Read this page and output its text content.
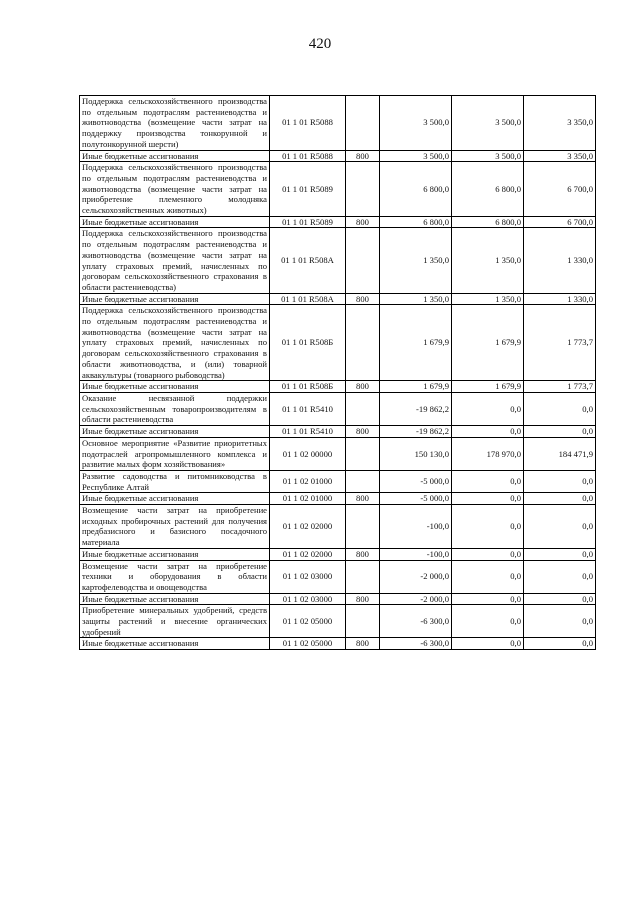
420
Поддержка сельскохозяйственного производства по отдельным подотраслям растениеводства и животноводства (возмещение части затрат на поддержку производства тонкорунной и полутонкорунной шерсти)	01 1 01 R5088		3 500,0	3 500,0	3 350,0
Иные бюджетные ассигнования	01 1 01 R5088	800	3 500,0	3 500,0	3 350,0
Поддержка сельскохозяйственного производства по отдельным подотраслям растениеводства и животноводства (возмещение части затрат на приобретение племенного молодняка сельскохозяйственных животных)	01 1 01 R5089		6 800,0	6 800,0	6 700,0
Иные бюджетные ассигнования	01 1 01 R5089	800	6 800,0	6 800,0	6 700,0
Поддержка сельскохозяйственного производства по отдельным подотраслям растениеводства и животноводства (возмещение части затрат на уплату страховых премий, начисленных по договорам сельскохозяйственного страхования в области растениеводства)	01 1 01 R508А		1 350,0	1 350,0	1 330,0
Иные бюджетные ассигнования	01 1 01 R508А	800	1 350,0	1 350,0	1 330,0
Поддержка сельскохозяйственного производства по отдельным подотраслям растениеводства и животноводства (возмещение части затрат на уплату страховых премий, начисленных по договорам сельскохозяйственного страхования в области животноводства, и (или) товарной аквакультуры (товарного рыбоводства)	01 1 01 R508Б		1 679,9	1 679,9	1 773,7
Иные бюджетные ассигнования	01 1 01 R508Б	800	1 679,9	1 679,9	1 773,7
Оказание несвязанной поддержки сельскохозяйственным товаропроизводителям в области растениеводства	01 1 01 R5410		-19 862,2	0,0	0,0
Иные бюджетные ассигнования	01 1 01 R5410	800	-19 862,2	0,0	0,0
Основное мероприятие «Развитие приоритетных подотраслей агропромышленного комплекса и развитие малых форм хозяйствования»	01 1 02 00000		150 130,0	178 970,0	184 471,9
Развитие садоводства и питомниководства в Республике Алтай	01 1 02 01000		-5 000,0	0,0	0,0
Иные бюджетные ассигнования	01 1 02 01000	800	-5 000,0	0,0	0,0
Возмещение части затрат на приобретение исходных пробирочных растений для получения предбазисного и базисного посадочного материала	01 1 02 02000		-100,0	0,0	0,0
Иные бюджетные ассигнования	01 1 02 02000	800	-100,0	0,0	0,0
Возмещение части затрат на приобретение техники и оборудования в области картофелеводства и овощеводства	01 1 02 03000		-2 000,0	0,0	0,0
Иные бюджетные ассигнования	01 1 02 03000	800	-2 000,0	0,0	0,0
Приобретение минеральных удобрений, средств защиты растений и внесение органических удобрений	01 1 02 05000		-6 300,0	0,0	0,0
Иные бюджетные ассигнования	01 1 02 05000	800	-6 300,0	0,0	0,0
